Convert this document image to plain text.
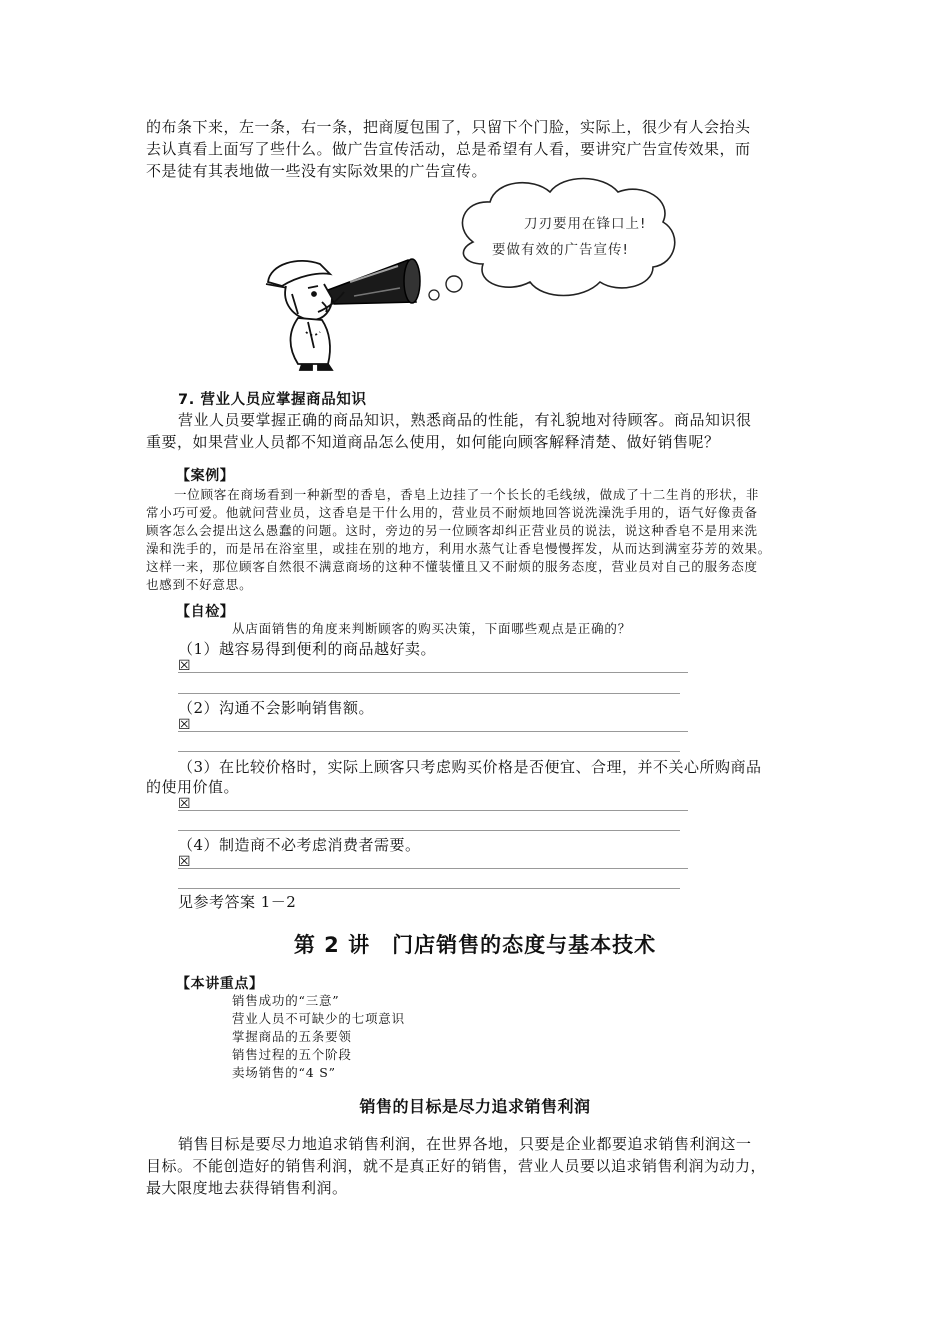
的布条下来，左一条，右一条，把商厦包围了，只留下个门脸，实际上，很少有人会抬头
去认真看上面写了些什么。做广告宣传活动，总是希望有人看，要讲究广告宣传效果，而
不是徒有其表地做一些没有实际效果的广告宣传。
刀刃要用在锋口上!
要做有效的广告宣传!
7. 营业人员应掌握商品知识
营业人员要掌握正确的商品知识，熟悉商品的性能，有礼貌地对待顾客。商品知识很
重要，如果营业人员都不知道商品怎么使用，如何能向顾客解释清楚、做好销售呢？
【案例】
一位顾客在商场看到一种新型的香皂，香皂上边挂了一个长长的毛线绒，做成了十二生肖的形状，非
常小巧可爱。他就问营业员，这香皂是干什么用的，营业员不耐烦地回答说洗澡洗手用的，语气好像责备
顾客怎么会提出这么愚蠢的问题。这时，旁边的另一位顾客却纠正营业员的说法，说这种香皂不是用来洗
澡和洗手的，而是吊在浴室里，或挂在别的地方，利用水蒸气让香皂慢慢挥发，从而达到满室芬芳的效果。
这样一来，那位顾客自然很不满意商场的这种不懂装懂且又不耐烦的服务态度，营业员对自己的服务态度
也感到不好意思。
【自检】
从店面销售的角度来判断顾客的购买决策，下面哪些观点是正确的？
（1）越容易得到便利的商品越好卖。
☒
（2）沟通不会影响销售额。
☒
（3）在比较价格时，实际上顾客只考虑购买价格是否便宜、合理，并不关心所购商品
的使用价值。
☒
（4）制造商不必考虑消费者需要。
☒
见参考答案 1－2
第 2 讲　门店销售的态度与基本技术
【本讲重点】
销售成功的“三意”
营业人员不可缺少的七项意识
掌握商品的五条要领
销售过程的五个阶段
卖场销售的“4 S”
销售的目标是尽力追求销售利润
销售目标是要尽力地追求销售利润，在世界各地，只要是企业都要追求销售利润这一
目标。不能创造好的销售利润，就不是真正好的销售，营业人员要以追求销售利润为动力，
最大限度地去获得销售利润。
